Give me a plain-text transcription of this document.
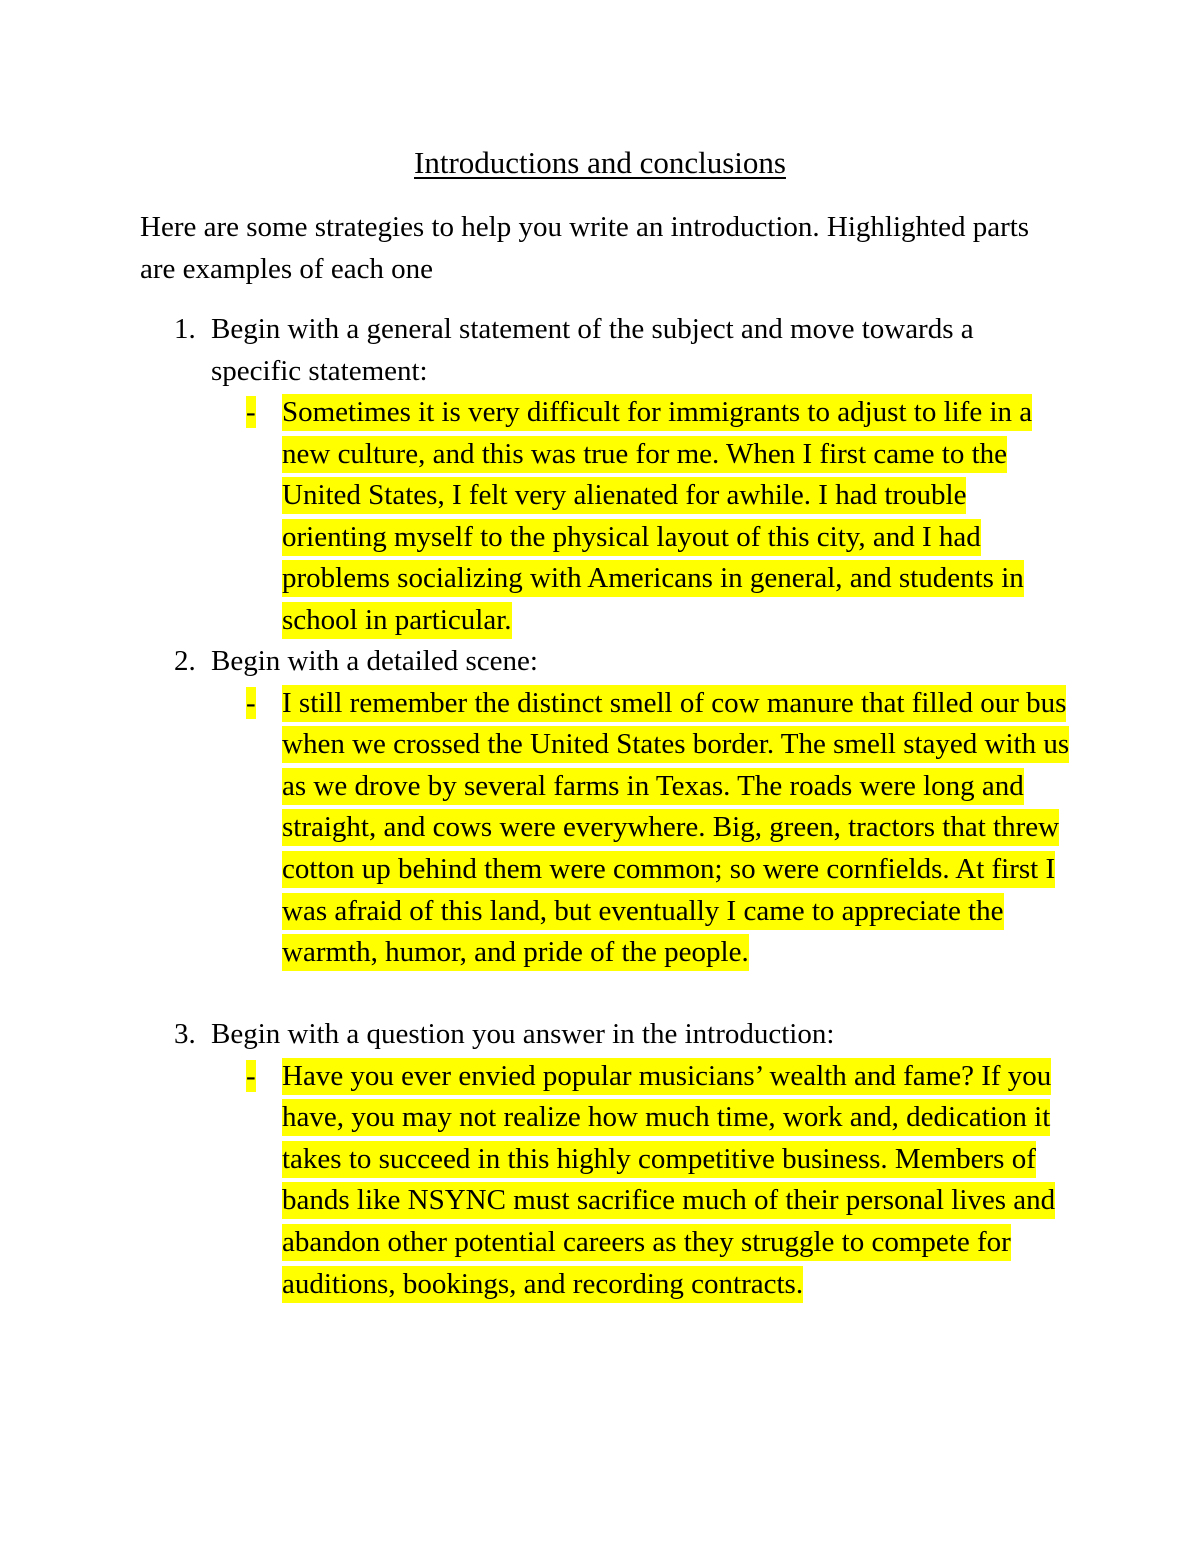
Introductions and conclusions

Here are some strategies to help you write an introduction. Highlighted parts are examples of each one

1. Begin with a general statement of the subject and move towards a specific statement:
- Sometimes it is very difficult for immigrants to adjust to life in a new culture, and this was true for me. When I first came to the United States, I felt very alienated for awhile. I had trouble orienting myself to the physical layout of this city, and I had problems socializing with Americans in general, and students in school in particular.

2. Begin with a detailed scene:
- I still remember the distinct smell of cow manure that filled our bus when we crossed the United States border. The smell stayed with us as we drove by several farms in Texas. The roads were long and straight, and cows were everywhere. Big, green, tractors that threw cotton up behind them were common; so were cornfields. At first I was afraid of this land, but eventually I came to appreciate the warmth, humor, and pride of the people.

3. Begin with a question you answer in the introduction:
- Have you ever envied popular musicians’ wealth and fame? If you have, you may not realize how much time, work and, dedication it takes to succeed in this highly competitive business. Members of bands like NSYNC must sacrifice much of their personal lives and abandon other potential careers as they struggle to compete for auditions, bookings, and recording contracts.
